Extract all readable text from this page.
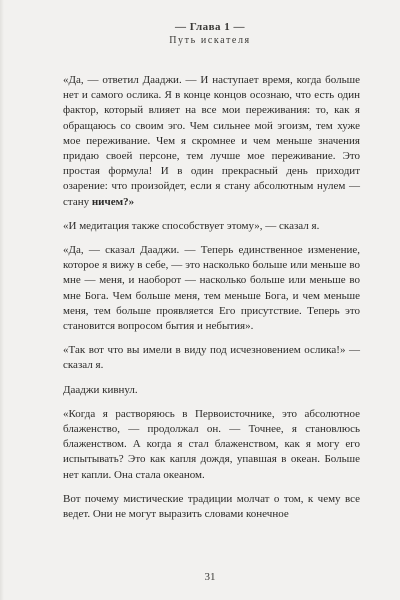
— Глава 1 —
Путь искателя

«Да, — ответил Дааджи. — И наступает время, когда больше нет и самого ослика. Я в конце концов осознаю, что есть один фактор, который влияет на все мои переживания: то, как я обращаюсь со своим эго. Чем сильнее мой эгоизм, тем хуже мое переживание. Чем я скромнее и чем меньше значения придаю своей персоне, тем лучше мое переживание. Это простая формула! И в один прекрасный день приходит озарение: что произойдет, если я стану абсолютным нулем — стану ничем?»

«И медитация также способствует этому», — сказал я.

«Да, — сказал Дааджи. — Теперь единственное изменение, которое я вижу в себе, — это насколько больше или меньше во мне — меня, и наоборот — насколько больше или меньше во мне Бога. Чем больше меня, тем меньше Бога, и чем меньше меня, тем больше проявляется Его присутствие. Теперь это становится вопросом бытия и небытия».

«Так вот что вы имели в виду под исчезновением ослика!» — сказал я.

Дааджи кивнул.

«Когда я растворяюсь в Первоисточнике, это абсолютное блаженство, — продолжал он. — Точнее, я становлюсь блаженством. А когда я стал блаженством, как я могу его испытывать? Это как капля дождя, упавшая в океан. Больше нет капли. Она стала океаном.

Вот почему мистические традиции молчат о том, к чему все ведет. Они не могут выразить словами конечное

31
